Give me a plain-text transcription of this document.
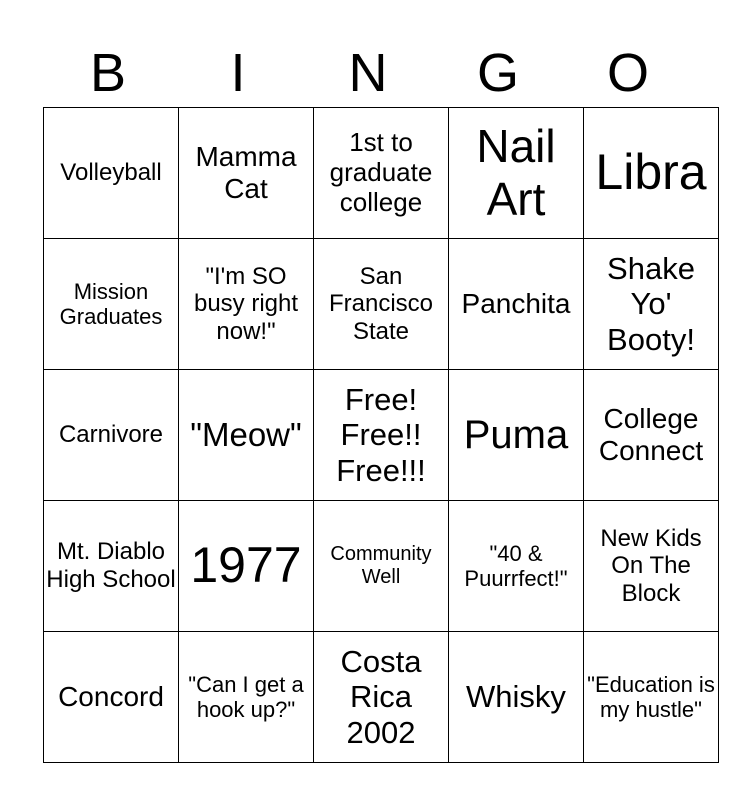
B	I	N	G	O
Volleyball	Mamma Cat	1st to graduate college	Nail Art	Libra
Mission Graduates	"I'm SO busy right now!"	San Francisco State	Panchita	Shake Yo' Booty!
Carnivore	"Meow"	Free! Free!! Free!!!	Puma	College Connect
Mt. Diablo High School	1977	Community Well	"40 & Puurrfect!"	New Kids On The Block
Concord	"Can I get a hook up?"	Costa Rica 2002	Whisky	"Education is my hustle"
